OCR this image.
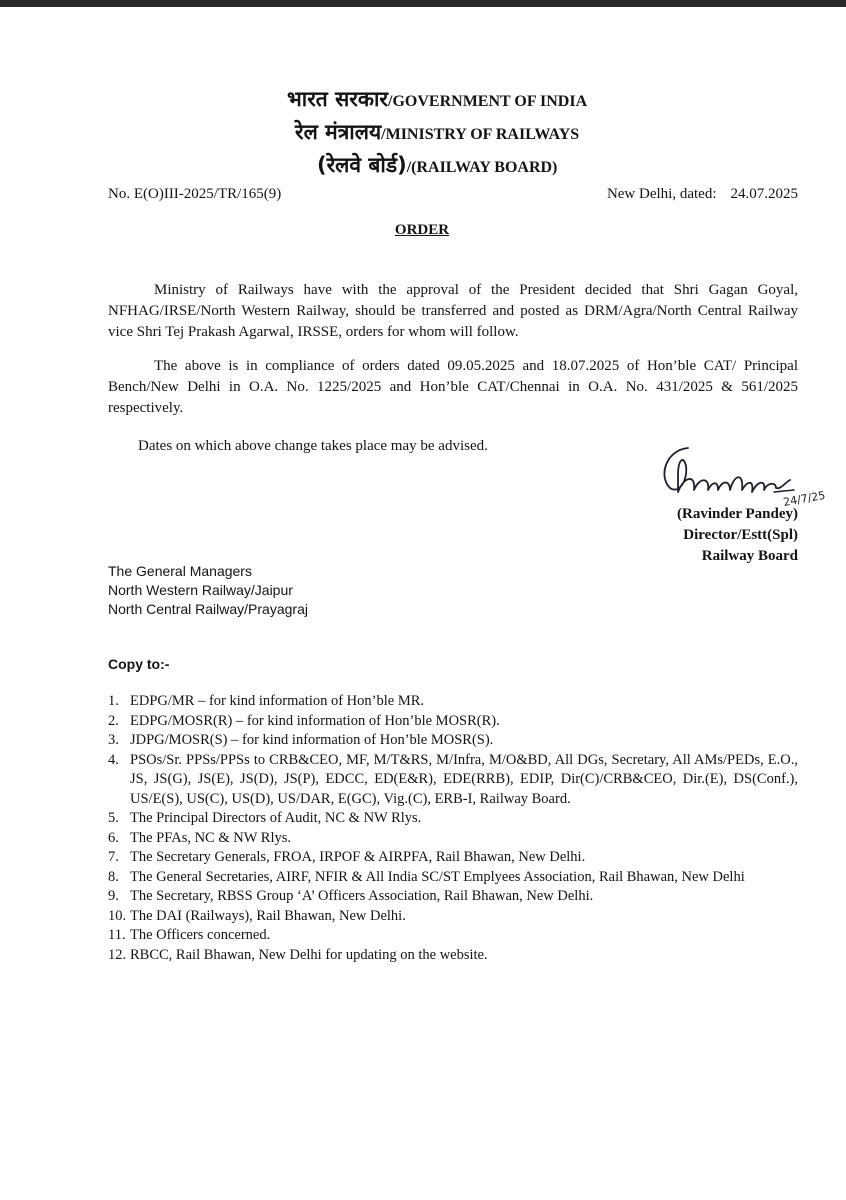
भारत सरकार/GOVERNMENT OF INDIA
रेल मंत्रालय/MINISTRY OF RAILWAYS
(रेलवे बोर्ड)/(RAILWAY BOARD)
No. E(O)III-2025/TR/165(9)	New Delhi, dated: 24.07.2025
ORDER

Ministry of Railways have with the approval of the President decided that Shri Gagan Goyal, NFHAG/IRSE/North Western Railway, should be transferred and posted as DRM/Agra/North Central Railway vice Shri Tej Prakash Agarwal, IRSSE, orders for whom will follow.

The above is in compliance of orders dated 09.05.2025 and 18.07.2025 of Hon’ble CAT/ Principal Bench/New Delhi in O.A. No. 1225/2025 and Hon’ble CAT/Chennai in O.A. No. 431/2025 & 561/2025 respectively.

Dates on which above change takes place may be advised.

24/7/25
(Ravinder Pandey)
Director/Estt(Spl)
Railway Board
The General Managers
North Western Railway/Jaipur
North Central Railway/Prayagraj
Copy to:-
1. EDPG/MR – for kind information of Hon’ble MR.
2. EDPG/MOSR(R) – for kind information of Hon’ble MOSR(R).
3. JDPG/MOSR(S) – for kind information of Hon’ble MOSR(S).
4. PSOs/Sr. PPSs/PPSs to CRB&CEO, MF, M/T&RS, M/Infra, M/O&BD, All DGs, Secretary, All AMs/PEDs, E.O., JS, JS(G), JS(E), JS(D), JS(P), EDCC, ED(E&R), EDE(RRB), EDIP, Dir(C)/CRB&CEO, Dir.(E), DS(Conf.), US/E(S), US(C), US(D), US/DAR, E(GC), Vig.(C), ERB-I, Railway Board.
5. The Principal Directors of Audit, NC & NW Rlys.
6. The PFAs, NC & NW Rlys.
7. The Secretary Generals, FROA, IRPOF & AIRPFA, Rail Bhawan, New Delhi.
8. The General Secretaries, AIRF, NFIR & All India SC/ST Emplyees Association, Rail Bhawan, New Delhi
9. The Secretary, RBSS Group ‘A’ Officers Association, Rail Bhawan, New Delhi.
10. The DAI (Railways), Rail Bhawan, New Delhi.
11. The Officers concerned.
12. RBCC, Rail Bhawan, New Delhi for updating on the website.
